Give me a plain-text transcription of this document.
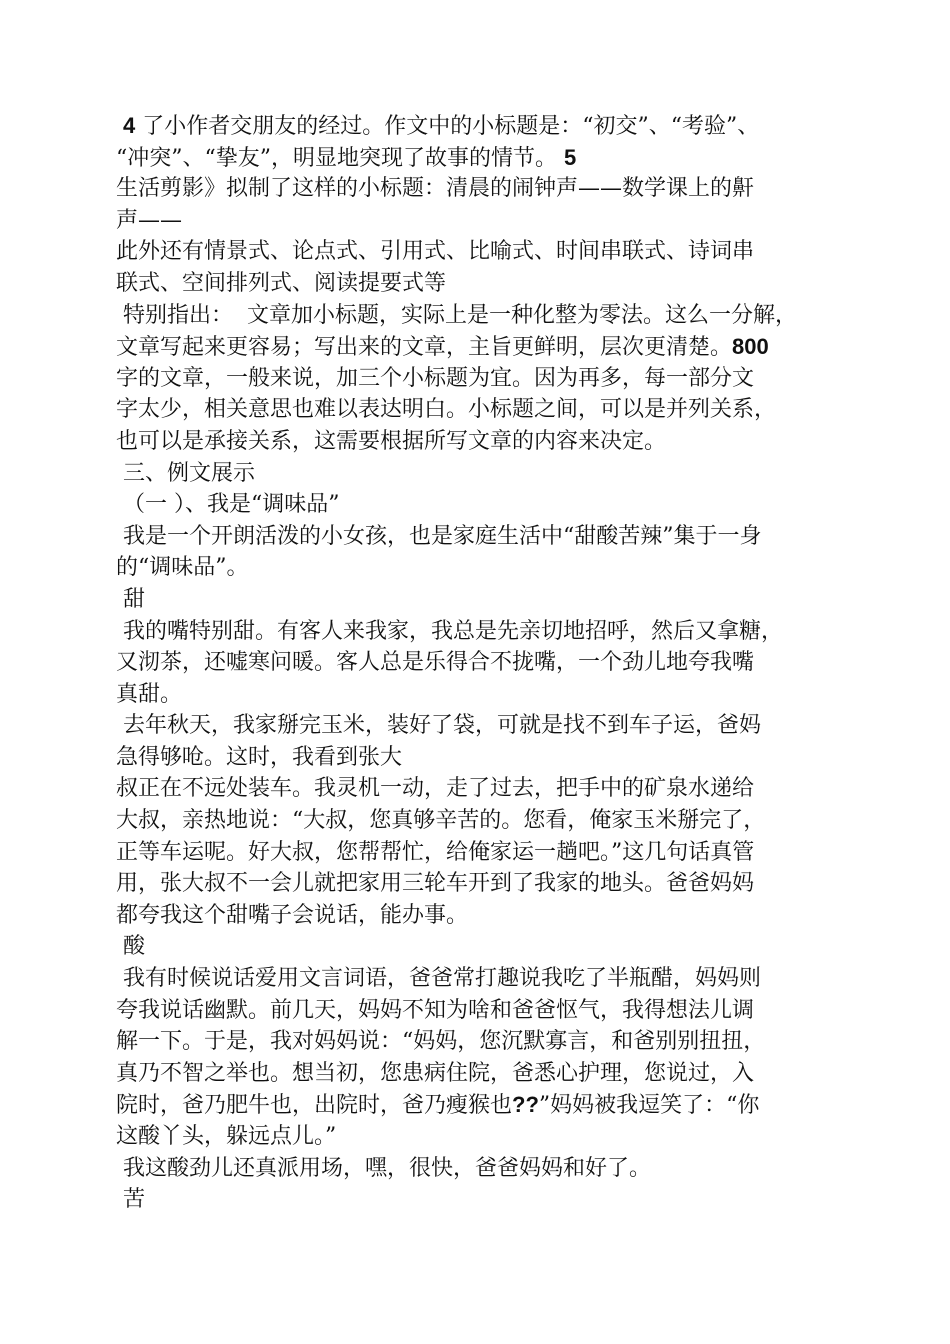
4 了小作者交朋友的经过。作文中的小标题是：“初交”、“考验”、
“冲突”、“挚友”，明显地突现了故事的情节。 5
生活剪影》拟制了这样的小标题：清晨的闹钟声——数学课上的鼾
声——
此外还有情景式、论点式、引用式、比喻式、时间串联式、诗词串
联式、空间排列式、阅读提要式等
特别指出：  文章加小标题，实际上是一种化整为零法。这么一分解，
文章写起来更容易；写出来的文章，主旨更鲜明，层次更清楚。800
字的文章，一般来说，加三个小标题为宜。因为再多，每一部分文
字太少，相关意思也难以表达明白。小标题之间，可以是并列关系，
也可以是承接关系，这需要根据所写文章的内容来决定。
三、例文展示
（一 ）、我是“调味品”
我是一个开朗活泼的小女孩，也是家庭生活中“甜酸苦辣”集于一身
的“调味品”。
甜
我的嘴特别甜。有客人来我家，我总是先亲切地招呼，然后又拿糖，
又沏茶，还嘘寒问暖。客人总是乐得合不拢嘴，一个劲儿地夸我嘴
真甜。
去年秋天，我家掰完玉米，装好了袋，可就是找不到车子运，爸妈
急得够呛。这时，我看到张大
叔正在不远处装车。我灵机一动，走了过去，把手中的矿泉水递给
大叔，亲热地说：“大叔，您真够辛苦的。您看，俺家玉米掰完了，
正等车运呢。好大叔，您帮帮忙，给俺家运一趟吧。”这几句话真管
用，张大叔不一会儿就把家用三轮车开到了我家的地头。爸爸妈妈
都夸我这个甜嘴子会说话，能办事。
酸
我有时候说话爱用文言词语，爸爸常打趣说我吃了半瓶醋，妈妈则
夸我说话幽默。前几天，妈妈不知为啥和爸爸怄气，我得想法儿调
解一下。于是，我对妈妈说：“妈妈，您沉默寡言，和爸别别扭扭，
真乃不智之举也。想当初，您患病住院，爸悉心护理，您说过，入
院时，爸乃肥牛也，出院时，爸乃瘦猴也??”妈妈被我逗笑了：“你
这酸丫头，躲远点儿。”
我这酸劲儿还真派用场，嘿，很快，爸爸妈妈和好了。
苦
